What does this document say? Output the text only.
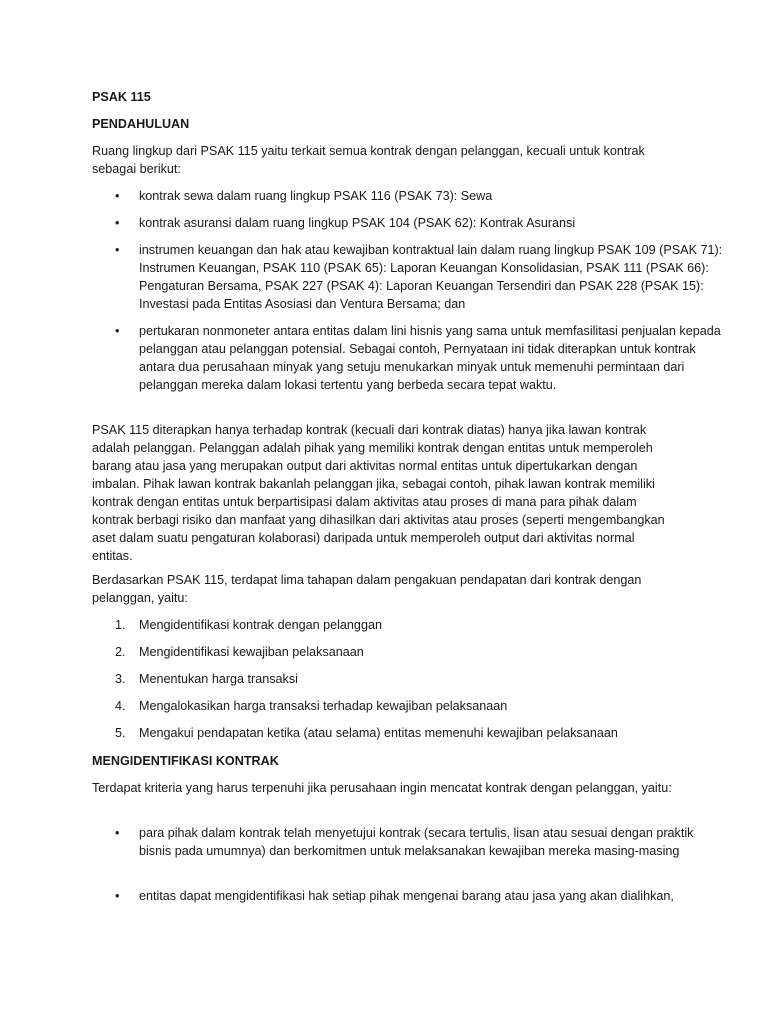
PSAK 115

PENDAHULUAN

Ruang lingkup dari PSAK 115 yaitu terkait semua kontrak dengan pelanggan, kecuali untuk kontrak sebagai berikut:

• kontrak sewa dalam ruang lingkup PSAK 116 (PSAK 73): Sewa
• kontrak asuransi dalam ruang lingkup PSAK 104 (PSAK 62): Kontrak Asuransi
• instrumen keuangan dan hak atau kewajiban kontraktual lain dalam ruang lingkup PSAK 109 (PSAK 71): Instrumen Keuangan, PSAK 110 (PSAK 65): Laporan Keuangan Konsolidasian, PSAK 111 (PSAK 66): Pengaturan Bersama, PSAK 227 (PSAK 4): Laporan Keuangan Tersendiri dan PSAK 228 (PSAK 15): Investasi pada Entitas Asosiasi dan Ventura Bersama; dan
• pertukaran nonmoneter antara entitas dalam lini hisnis yang sama untuk memfasilitasi penjualan kepada pelanggan atau pelanggan potensial. Sebagai contoh, Pernyataan ini tidak diterapkan untuk kontrak antara dua perusahaan minyak yang setuju menukarkan minyak untuk memenuhi permintaan dari pelanggan mereka dalam lokasi tertentu yang berbeda secara tepat waktu.

PSAK 115 diterapkan hanya terhadap kontrak (kecuali dari kontrak diatas) hanya jika lawan kontrak adalah pelanggan. Pelanggan adalah pihak yang memiliki kontrak dengan entitas untuk memperoleh barang atau jasa yang merupakan output dari aktivitas normal entitas untuk dipertukarkan dengan imbalan. Pihak lawan kontrak bakanlah pelanggan jika, sebagai contoh, pihak lawan kontrak memiliki kontrak dengan entitas untuk berpartisipasi dalam aktivitas atau proses di mana para pihak dalam kontrak berbagi risiko dan manfaat yang dihasilkan dari aktivitas atau proses (seperti mengembangkan aset dalam suatu pengaturan kolaborasi) daripada untuk memperoleh output dari aktivitas normal entitas.

Berdasarkan PSAK 115, terdapat lima tahapan dalam pengakuan pendapatan dari kontrak dengan pelanggan, yaitu:

1. Mengidentifikasi kontrak dengan pelanggan
2. Mengidentifikasi kewajiban pelaksanaan
3. Menentukan harga transaksi
4. Mengalokasikan harga transaksi terhadap kewajiban pelaksanaan
5. Mengakui pendapatan ketika (atau selama) entitas memenuhi kewajiban pelaksanaan

MENGIDENTIFIKASI KONTRAK

Terdapat kriteria yang harus terpenuhi jika perusahaan ingin mencatat kontrak dengan pelanggan, yaitu:

• para pihak dalam kontrak telah menyetujui kontrak (secara tertulis, lisan atau sesuai dengan praktik bisnis pada umumnya) dan berkomitmen untuk melaksanakan kewajiban mereka masing-masing
• entitas dapat mengidentifikasi hak setiap pihak mengenai barang atau jasa yang akan dialihkan,
